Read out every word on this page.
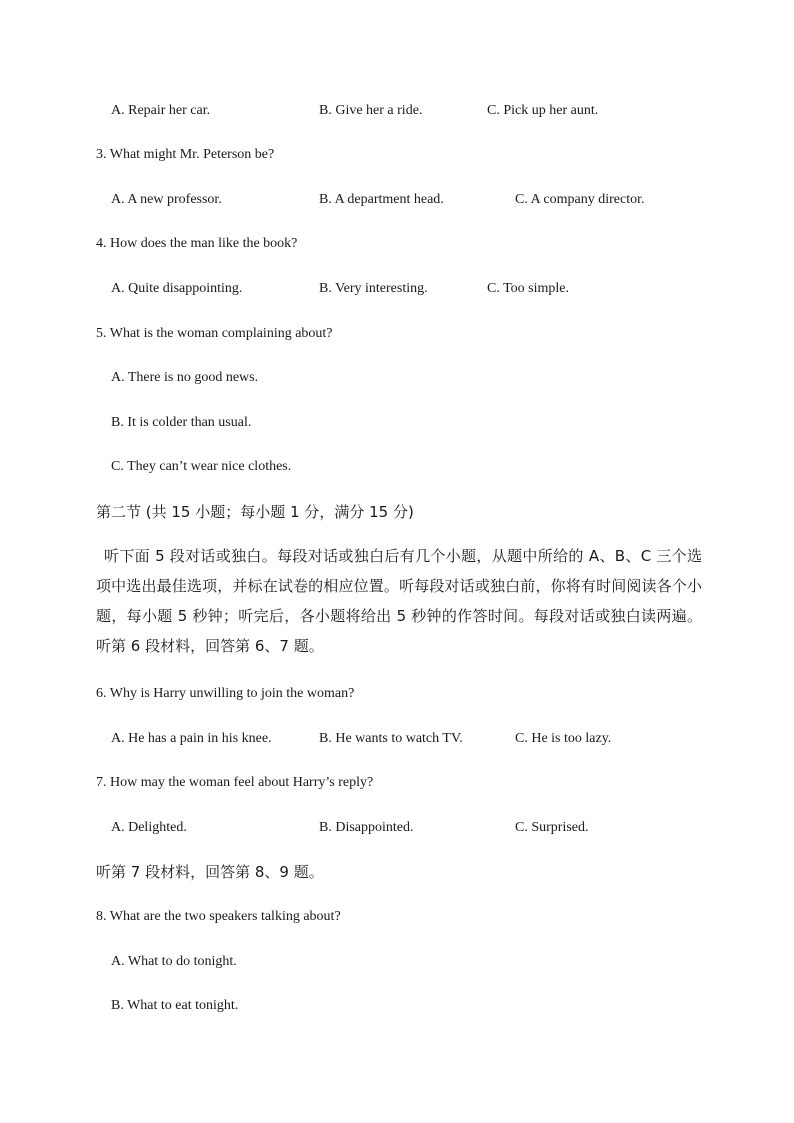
A. Repair her car.	B. Give her a ride.	C. Pick up her aunt.
3. What might Mr. Peterson be?
A. A new professor.	B. A department head.	C. A company director.
4. How does the man like the book?
A. Quite disappointing.	B. Very interesting.	C. Too simple.
5. What is the woman complaining about?
A. There is no good news.
B. It is colder than usual.
C. They can’t wear nice clothes.
第二节 (共 15 小题；每小题 1 分，满分 15 分)
听下面 5 段对话或独白。每段对话或独白后有几个小题，从题中所给的 A、B、C 三个选项中选出最佳选项，并标在试卷的相应位置。听每段对话或独白前，你将有时间阅读各个小题，每小题 5 秒钟；听完后，各小题将给出 5 秒钟的作答时间。每段对话或独白读两遍。听第 6 段材料，回答第 6、7 题。
6. Why is Harry unwilling to join the woman?
A. He has a pain in his knee.	B. He wants to watch TV.	C. He is too lazy.
7. How may the woman feel about Harry’s reply?
A. Delighted.	B. Disappointed.	C. Surprised.
听第 7 段材料，回答第 8、9 题。
8. What are the two speakers talking about?
A. What to do tonight.
B. What to eat tonight.
